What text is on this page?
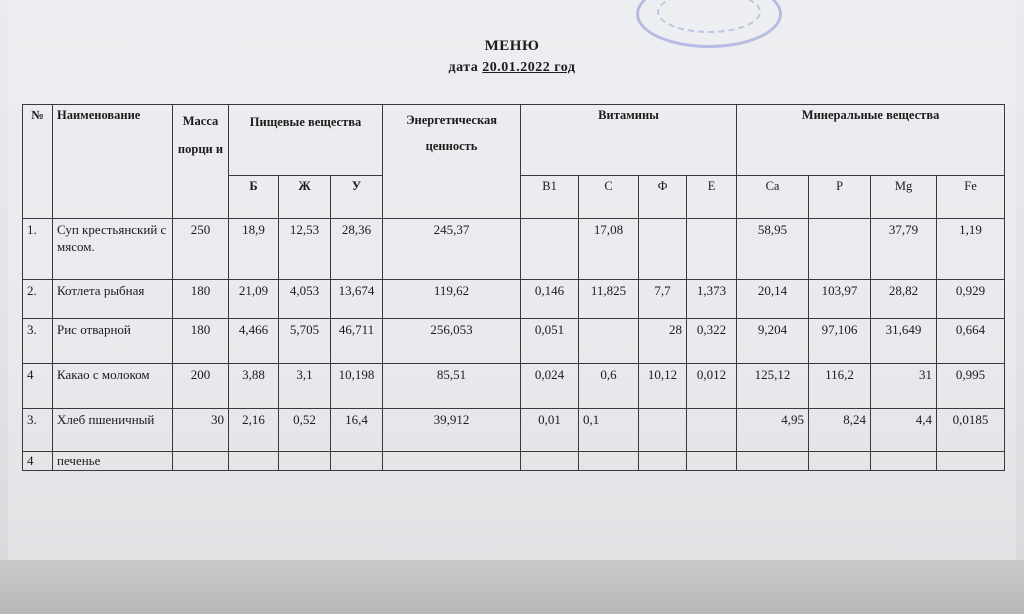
МЕНЮ
дата 20.01.2022 год
№	Наименование	Масса порци и	Пищевые вещества			Энергетическая ценность	Витамины				Минеральные вещества			
			Б	Ж	У		В1	С	Ф	Е	Са	Р	Mg	Fe
1.	Суп крестьянский с мясом.	250	18,9	12,53	28,36	245,37		17,08			58,95		37,79	1,19
2.	Котлета рыбная	180	21,09	4,053	13,674	119,62	0,146	11,825	7,7	1,373	20,14	103,97	28,82	0,929
3.	Рис отварной	180	4,466	5,705	46,711	256,053	0,051		28	0,322	9,204	97,106	31,649	0,664
4	Какао с молоком	200	3,88	3,1	10,198	85,51	0,024	0,6	10,12	0,012	125,12	116,2	31	0,995
3.	Хлеб пшеничный	30	2,16	0,52	16,4	39,912	0,01	0,1			4,95	8,24	4,4	0,0185
4	печенье													
